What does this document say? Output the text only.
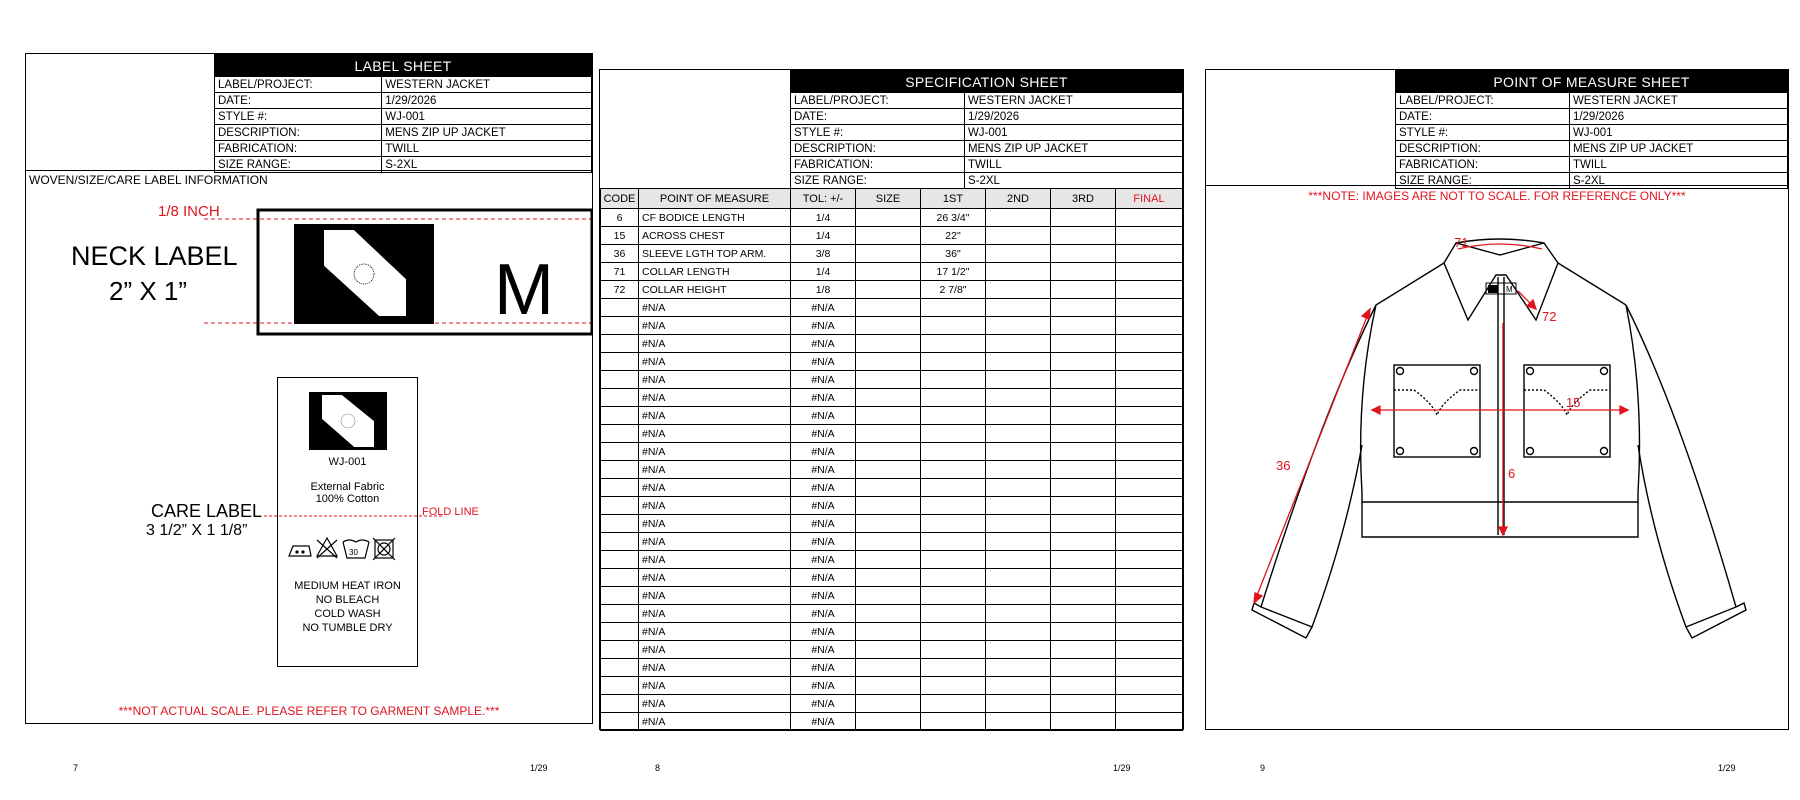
LABEL SHEET	
LABEL/PROJECT:	WESTERN JACKET
DATE:	1/29/2026
STYLE #:	WJ-001
DESCRIPTION:	MENS ZIP UP JACKET
FABRICATION:	TWILL
SIZE RANGE:	S-2XL
WOVEN/SIZE/CARE LABEL INFORMATION
1/8 INCH
NECK LABEL
2” X 1”	M
CARE LABEL
3 1/2” X 1 1/8”
FOLD LINE
WJ-001
External Fabric
100% Cotton
30
MEDIUM HEAT IRON
NO BLEACH
COLD WASH
NO TUMBLE DRY
***NOT ACTUAL SCALE. PLEASE REFER TO GARMENT SAMPLE.***
7	1/29
SPECIFICATION SHEET	
LABEL/PROJECT:	WESTERN JACKET
DATE:	1/29/2026
STYLE #:	WJ-001
DESCRIPTION:	MENS ZIP UP JACKET
FABRICATION:	TWILL
SIZE RANGE:	S-2XL
CODE	POINT OF MEASURE	TOL: +/-	SIZE	1ST	2ND	3RD	FINAL
6	CF BODICE LENGTH	1/4		26 3/4"			
15	ACROSS CHEST	1/4		22"			
36	SLEEVE LGTH TOP ARM.	3/8		36"			
71	COLLAR LENGTH	1/4		17 1/2"			
72	COLLAR HEIGHT	1/8		2 7/8"			
	#N/A	#N/A					
	#N/A	#N/A					
	#N/A	#N/A					
	#N/A	#N/A					
	#N/A	#N/A					
	#N/A	#N/A					
	#N/A	#N/A					
	#N/A	#N/A					
	#N/A	#N/A					
	#N/A	#N/A					
	#N/A	#N/A					
	#N/A	#N/A					
	#N/A	#N/A					
	#N/A	#N/A					
	#N/A	#N/A					
	#N/A	#N/A					
	#N/A	#N/A					
	#N/A	#N/A					
	#N/A	#N/A					
	#N/A	#N/A					
	#N/A	#N/A					
	#N/A	#N/A					
	#N/A	#N/A					
	#N/A	#N/A					
8	1/29
POINT OF MEASURE SHEET	
LABEL/PROJECT:	WESTERN JACKET
DATE:	1/29/2026
STYLE #:	WJ-001
DESCRIPTION:	MENS ZIP UP JACKET
FABRICATION:	TWILL
SIZE RANGE:	S-2XL
***NOTE: IMAGES ARE NOT TO SCALE. FOR REFERENCE ONLY***
M
71
72
15
36
6
9	1/29
